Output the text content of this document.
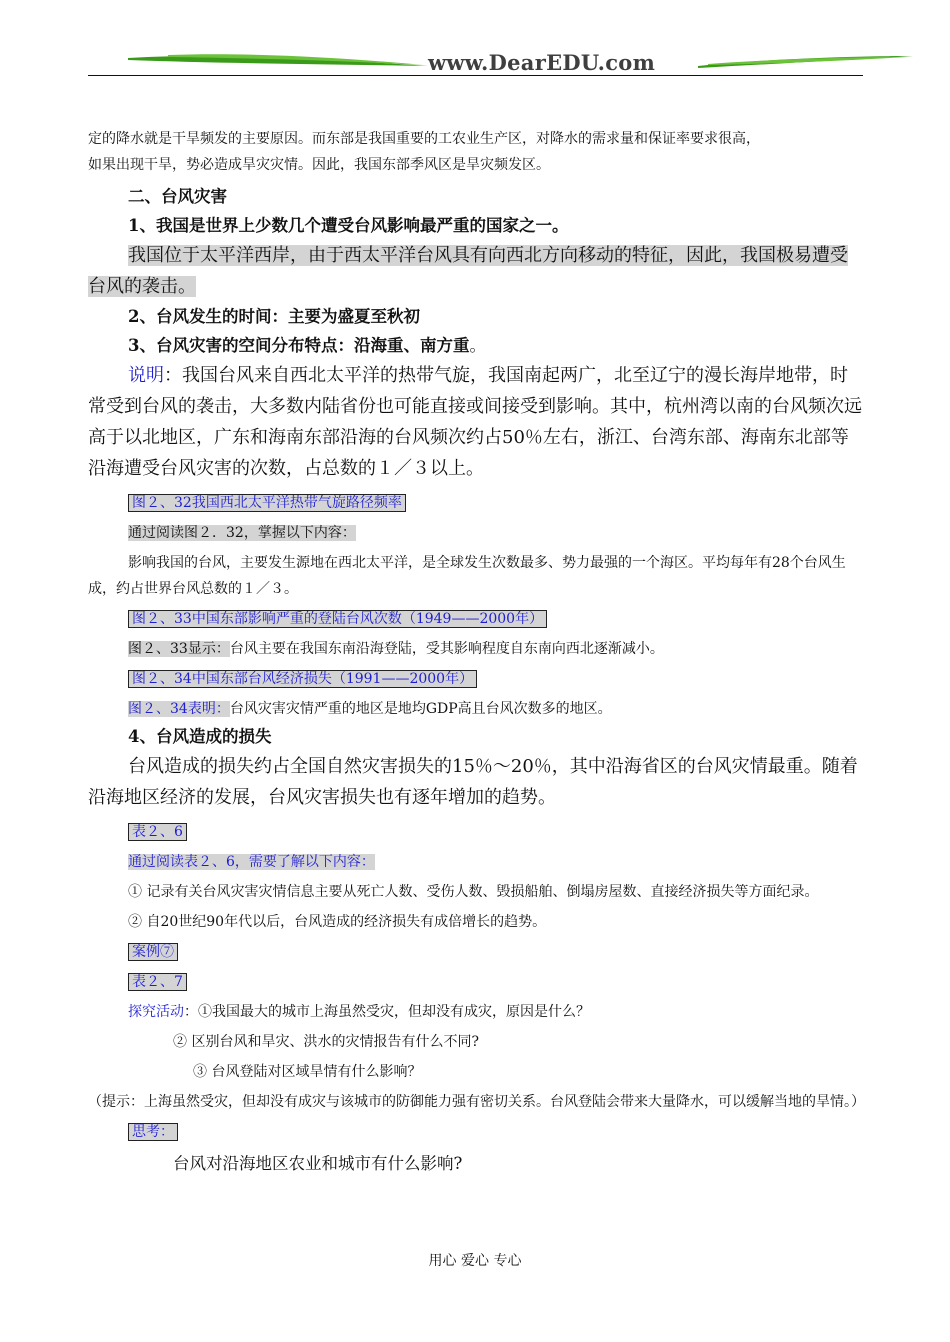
www.DearEDU.com

定的降水就是干旱频发的主要原因。而东部是我国重要的工农业生产区，对降水的需求量和保证率要求很高，

如果出现干旱，势必造成旱灾灾情。因此，我国东部季风区是旱灾频发区。

二、台风灾害

1、我国是世界上少数几个遭受台风影响最严重的国家之一。

我国位于太平洋西岸，由于西太平洋台风具有向西北方向移动的特征，因此，我国极易遭受台风的袭击。

2、台风发生的时间：主要为盛夏至秋初

3、台风灾害的空间分布特点：沿海重、南方重。

说明：我国台风来自西北太平洋的热带气旋，我国南起两广，北至辽宁的漫长海岸地带，时常受到台风的袭击，大多数内陆省份也可能直接或间接受到影响。其中，杭州湾以南的台风频次远高于以北地区，广东和海南东部沿海的台风频次约占50％左右，浙江、台湾东部、海南东北部等沿海遭受台风灾害的次数，占总数的１／３以上。

图２、32我国西北太平洋热带气旋路径频率

通过阅读图２．32，掌握以下内容：

影响我国的台风，主要发生源地在西北太平洋，是全球发生次数最多、势力最强的一个海区。平均每年有28个台风生成，约占世界台风总数的１／３。

图２、33中国东部影响严重的登陆台风次数（1949——2000年）

图２、33显示：台风主要在我国东南沿海登陆，受其影响程度自东南向西北逐渐减小。

图２、34中国东部台风经济损失（1991——2000年）

图２、34表明：台风灾害灾情严重的地区是地均GDP高且台风次数多的地区。

4、台风造成的损失

台风造成的损失约占全国自然灾害损失的15％～20％，其中沿海省区的台风灾情最重。随着沿海地区经济的发展，台风灾害损失也有逐年增加的趋势。

表２、6

通过阅读表２、6，需要了解以下内容：

① 记录有关台风灾害灾情信息主要从死亡人数、受伤人数、毁损船舶、倒塌房屋数、直接经济损失等方面纪录。

② 自20世纪90年代以后，台风造成的经济损失有成倍增长的趋势。

案例⑦

表２、7

探究活动：①我国最大的城市上海虽然受灾，但却没有成灾，原因是什么？

② 区别台风和旱灾、洪水的灾情报告有什么不同?

③ 台风登陆对区域旱情有什么影响？

（提示：上海虽然受灾，但却没有成灾与该城市的防御能力强有密切关系。台风登陆会带来大量降水，可以缓解当地的旱情。）

思考：

台风对沿海地区农业和城市有什么影响?

用心 爱心 专心
